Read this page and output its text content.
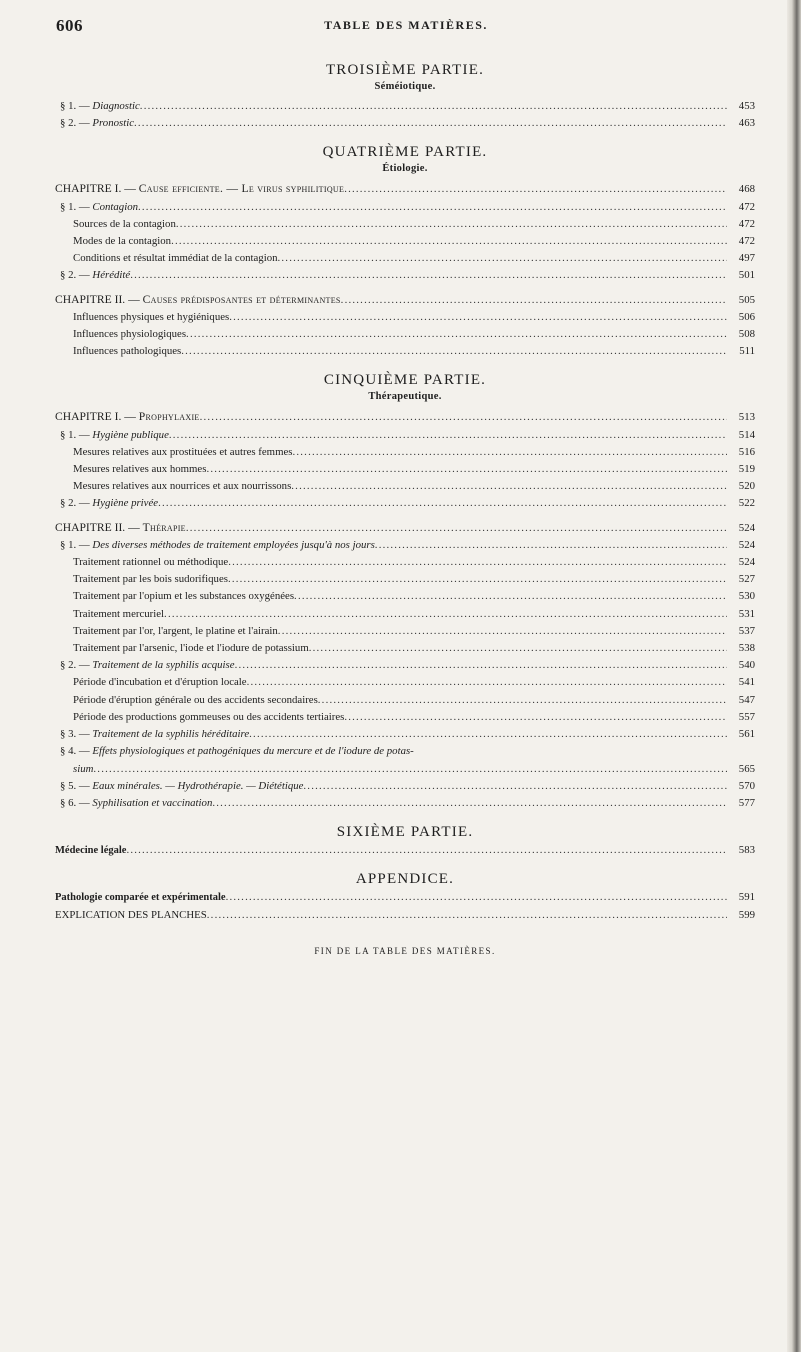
606	TABLE DES MATIÈRES.
TROISIÈME PARTIE.
Séméiotique.
§ 1. — Diagnostic .....	453
§ 2. — Pronostic .....	463
QUATRIÈME PARTIE.
Étiologie.
CHAPITRE I. — Cause efficiente. — Le virus syphilitique .....	468
§ 1. — Contagion .....	472
Sources de la contagion .....	472
Modes de la contagion .....	472
Conditions et résultat immédiat de la contagion .....	497
§ 2. — Hérédité .....	501
CHAPITRE II. — Causes prédisposantes et déterminantes .....	505
Influences physiques et hygiéniques .....	506
Influences physiologiques .....	508
Influences pathologiques .....	511
CINQUIÈME PARTIE.
Thérapeutique.
CHAPITRE I. — Prophylaxie .....	513
§ 1. — Hygiène publique .....	514
Mesures relatives aux prostituées et autres femmes .....	516
Mesures relatives aux hommes .....	519
Mesures relatives aux nourrices et aux nourrissons .....	520
§ 2. — Hygiène privée .....	522
CHAPITRE II. — Thérapie .....	524
§ 1. — Des diverses méthodes de traitement employées jusqu'à nos jours .....	524
Traitement rationnel ou méthodique .....	524
Traitement par les bois sudorifiques .....	527
Traitement par l'opium et les substances oxygénées .....	530
Traitement mercuriel .....	531
Traitement par l'or, l'argent, le platine et l'airain .....	537
Traitement par l'arsenic, l'iode et l'iodure de potassium .....	538
§ 2. — Traitement de la syphilis acquise .....	540
Période d'incubation et d'éruption locale .....	541
Période d'éruption générale ou des accidents secondaires .....	547
Période des productions gommeuses ou des accidents tertiaires .....	557
§ 3. — Traitement de la syphilis héréditaire .....	561
§ 4. — Effets physiologiques et pathogéniques du mercure et de l'iodure de potas-
sium .....	565
§ 5. — Eaux minérales. — Hydrothérapie. — Diététique .....	570
§ 6. — Syphilisation et vaccination .....	577
SIXIÈME PARTIE.
Médecine légale .....	583
APPENDICE.
Pathologie comparée et expérimentale .....	591
EXPLICATION DES PLANCHES .....	599
FIN DE LA TABLE DES MATIÈRES.
